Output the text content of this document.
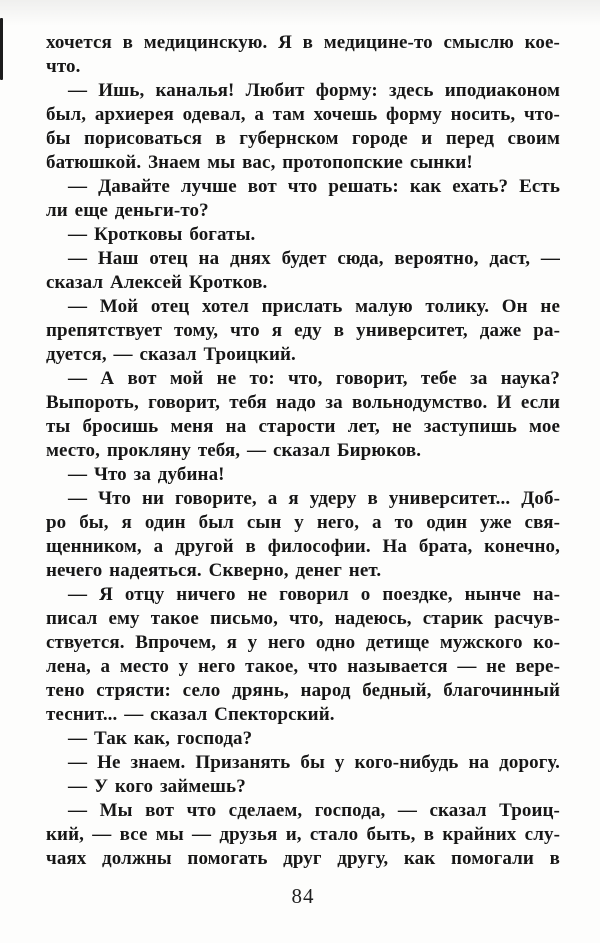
хочется в медицинскую. Я в медицине-то смыслю кое-

что.

— Ишь, каналья! Любит форму: здесь иподиаконом

был, архиерея одевал, а там хочешь форму носить, что-

бы порисоваться в губернском городе и перед своим

батюшкой. Знаем мы вас, протопопские сынки!

— Давайте лучше вот что решать: как ехать? Есть

ли еще деньги-то?

— Кротковы богаты.

— Наш отец на днях будет сюда, вероятно, даст, —

сказал Алексей Кротков.

— Мой отец хотел прислать малую толику. Он не

препятствует тому, что я еду в университет, даже ра-

дуется, — сказал Троицкий.

— А вот мой не то: что, говорит, тебе за наука?

Выпороть, говорит, тебя надо за вольнодумство. И если

ты бросишь меня на старости лет, не заступишь мое

место, прокляну тебя, — сказал Бирюков.

— Что за дубина!

— Что ни говорите, а я удеру в университет... Доб-

ро бы, я один был сын у него, а то один уже свя-

щенником, а другой в философии. На брата, конечно,

нечего надеяться. Скверно, денег нет.

— Я отцу ничего не говорил о поездке, нынче на-

писал ему такое письмо, что, надеюсь, старик расчув-

ствуется. Впрочем, я у него одно детище мужского ко-

лена, а место у него такое, что называется — не вере-

тено стрясти: село дрянь, народ бедный, благочинный

теснит... — сказал Спекторский.

— Так как, господа?

— Не знаем. Призанять бы у кого-нибудь на дорогу.

— У кого займешь?

— Мы вот что сделаем, господа, — сказал Троиц-

кий, — все мы — друзья и, стало быть, в крайних слу-

чаях должны помогать друг другу, как помогали в

84
